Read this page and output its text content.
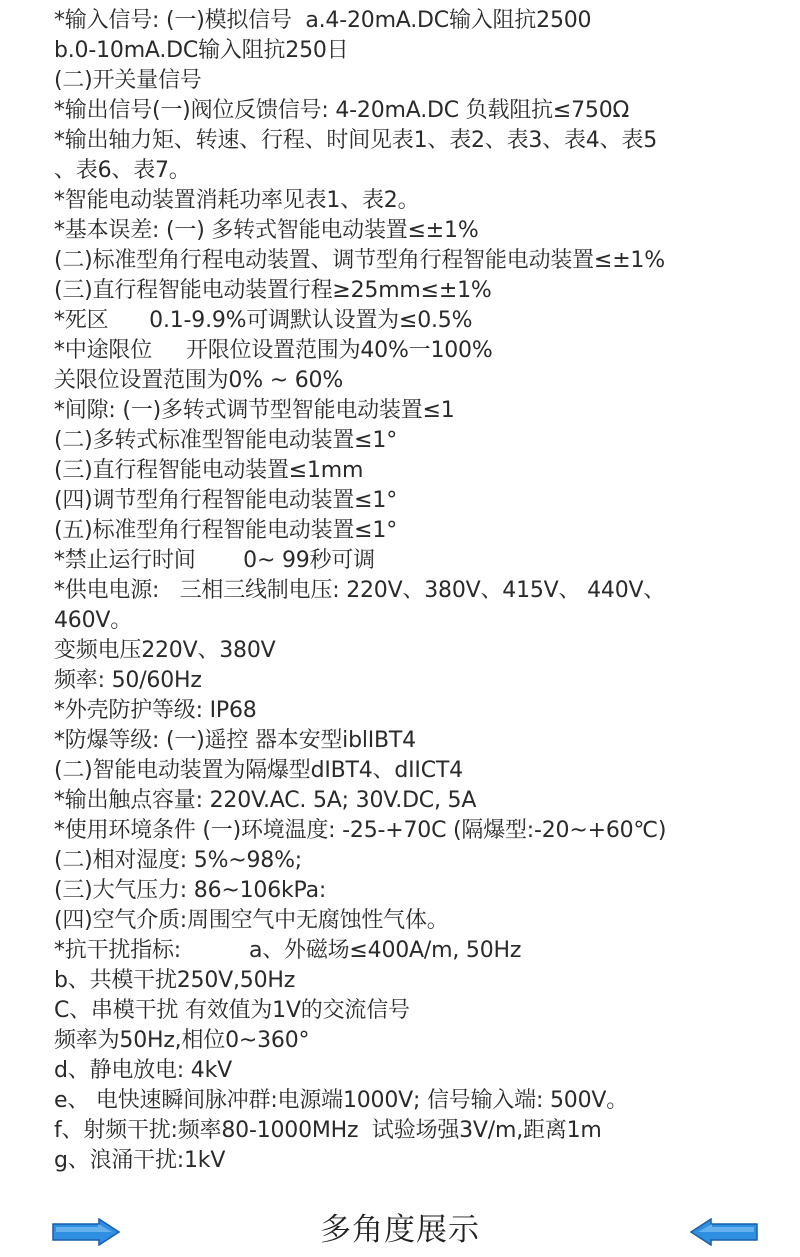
*输入信号: (一)模拟信号  a.4-20mA.DC输入阻抗2500
b.0-10mA.DC输入阻抗250日
(二)开关量信号
*输出信号(一)阀位反馈信号: 4-20mA.DC 负载阻抗≤750Ω
*输出轴力矩、转速、行程、时间见表1、表2、表3、表4、表5
、表6、表7。
*智能电动装置消耗功率见表1、表2。
*基本误差: (一) 多转式智能电动装置≤±1%
(二)标准型角行程电动装置、调节型角行程智能电动装置≤±1%
(三)直行程智能电动装置行程≥25mm≤±1%
*死区      0.1-9.9%可调默认设置为≤0.5%
*中途限位     开限位设置范围为40%一100%
关限位设置范围为0% ~ 60%
*间隙: (一)多转式调节型智能电动装置≤1
(二)多转式标准型智能电动装置≤1°
(三)直行程智能电动装置≤1mm
(四)调节型角行程智能电动装置≤1°
(五)标准型角行程智能电动装置≤1°
*禁止运行时间       0~ 99秒可调
*供电电源:   三相三线制电压: 220V、380V、415V、 440V、
460V。
变频电压220V、380V
频率: 50/60Hz
*外壳防护等级: IP68
*防爆等级: (一)遥控 器本安型iblIBT4
(二)智能电动装置为隔爆型dIBT4、dIICT4
*输出触点容量: 220V.AC. 5A; 30V.DC, 5A
*使用环境条件 (一)环境温度: -25-+70C (隔爆型:-20~+60℃)
(二)相对湿度: 5%~98%;
(三)大气压力: 86~106kPa:
(四)空气介质:周围空气中无腐蚀性气体。
*抗干扰指标:          a、外磁场≤400A/m, 50Hz
b、共模干扰250V,50Hz
C、串模干扰 有效值为1V的交流信号
频率为50Hz,相位0~360°
d、静电放电: 4kV
e、 电快速瞬间脉冲群:电源端1000V; 信号输入端: 500V。
f、射频干扰:频率80-1000MHz  试验场强3V/m,距离1m
g、浪涌干扰:1kV
多角度展示
